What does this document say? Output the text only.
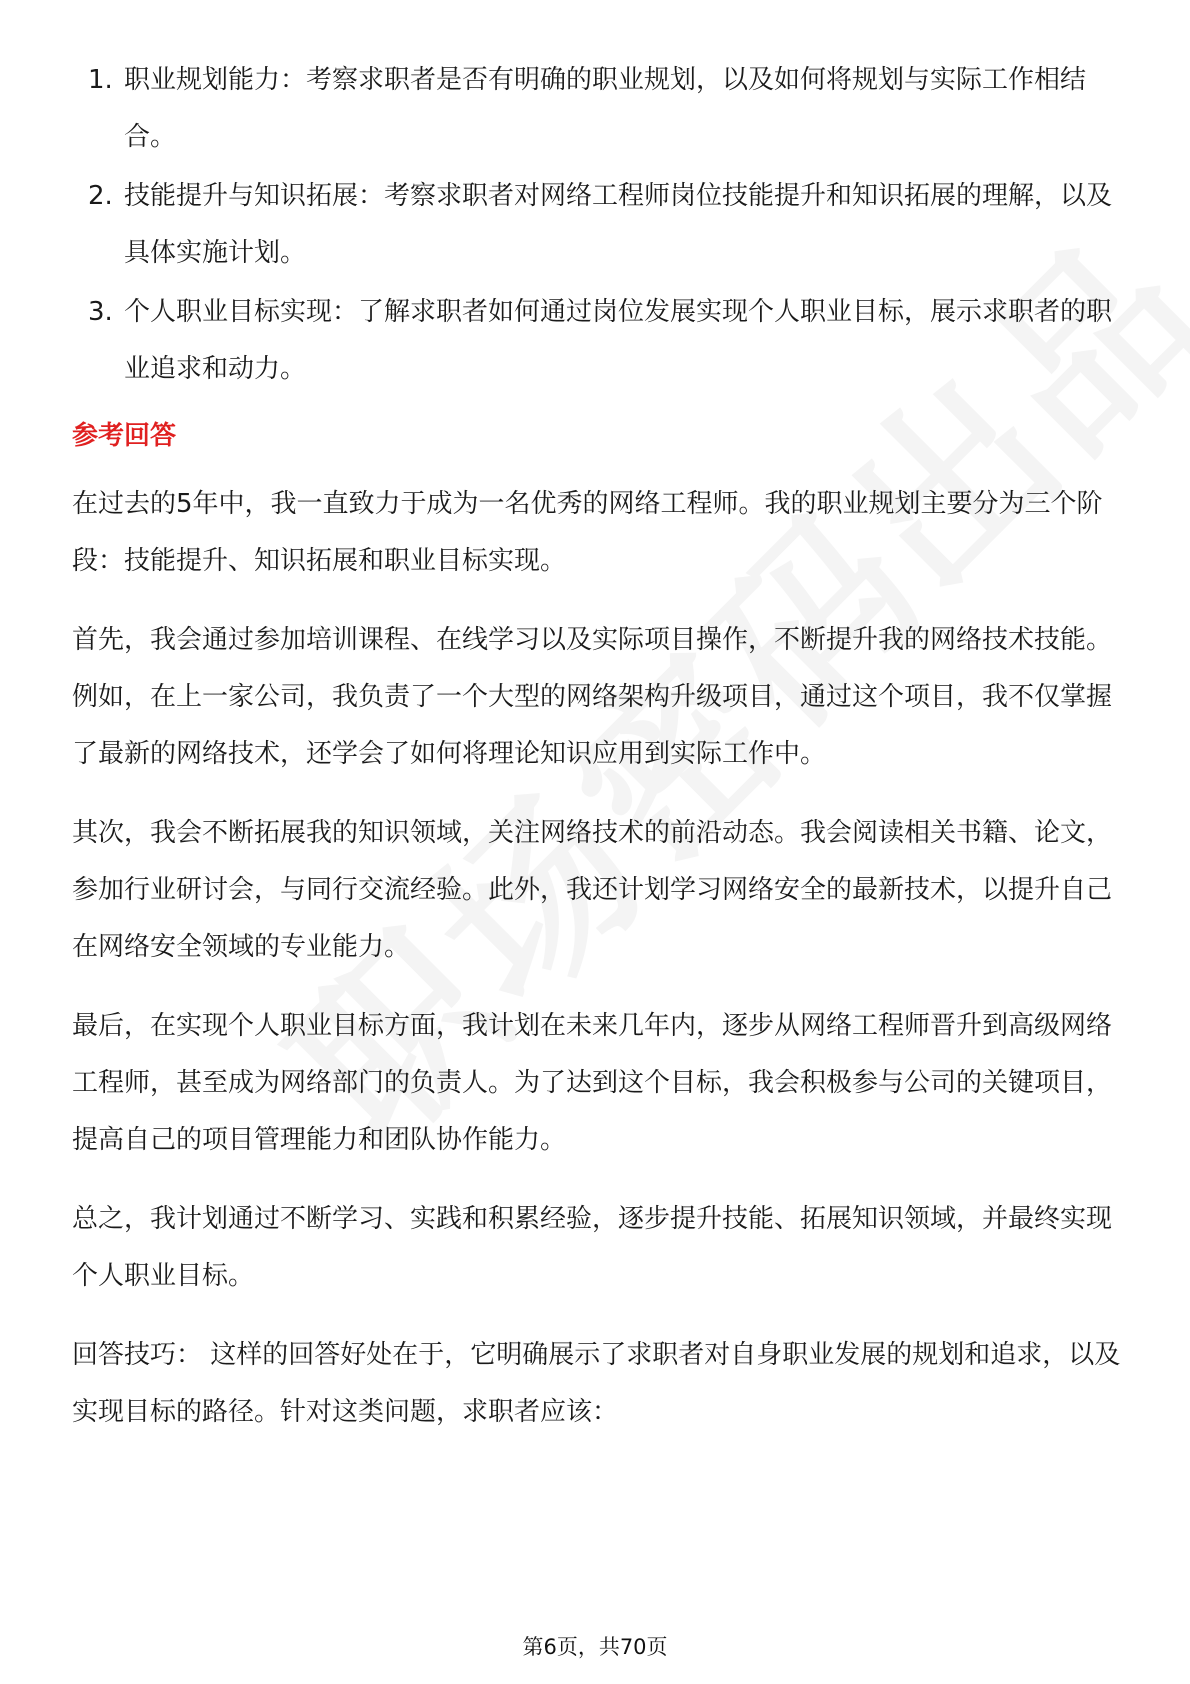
1. 职业规划能力：考察求职者是否有明确的职业规划，以及如何将规划与实际工作相结合。
2. 技能提升与知识拓展：考察求职者对网络工程师岗位技能提升和知识拓展的理解，以及具体实施计划。
3. 个人职业目标实现：了解求职者如何通过岗位发展实现个人职业目标，展示求职者的职业追求和动力。
参考回答

在过去的5年中，我一直致力于成为一名优秀的网络工程师。我的职业规划主要分为三个阶段：技能提升、知识拓展和职业目标实现。

首先，我会通过参加培训课程、在线学习以及实际项目操作，不断提升我的网络技术技能。例如，在上一家公司，我负责了一个大型的网络架构升级项目，通过这个项目，我不仅掌握了最新的网络技术，还学会了如何将理论知识应用到实际工作中。

其次，我会不断拓展我的知识领域，关注网络技术的前沿动态。我会阅读相关书籍、论文，参加行业研讨会，与同行交流经验。此外，我还计划学习网络安全的最新技术，以提升自己在网络安全领域的专业能力。

最后，在实现个人职业目标方面，我计划在未来几年内，逐步从网络工程师晋升到高级网络工程师，甚至成为网络部门的负责人。为了达到这个目标，我会积极参与公司的关键项目，提高自己的项目管理能力和团队协作能力。

总之，我计划通过不断学习、实践和积累经验，逐步提升技能、拓展知识领域，并最终实现个人职业目标。

回答技巧： 这样的回答好处在于，它明确展示了求职者对自身职业发展的规划和追求，以及实现目标的路径。针对这类问题，求职者应该：

第6页，共70页
